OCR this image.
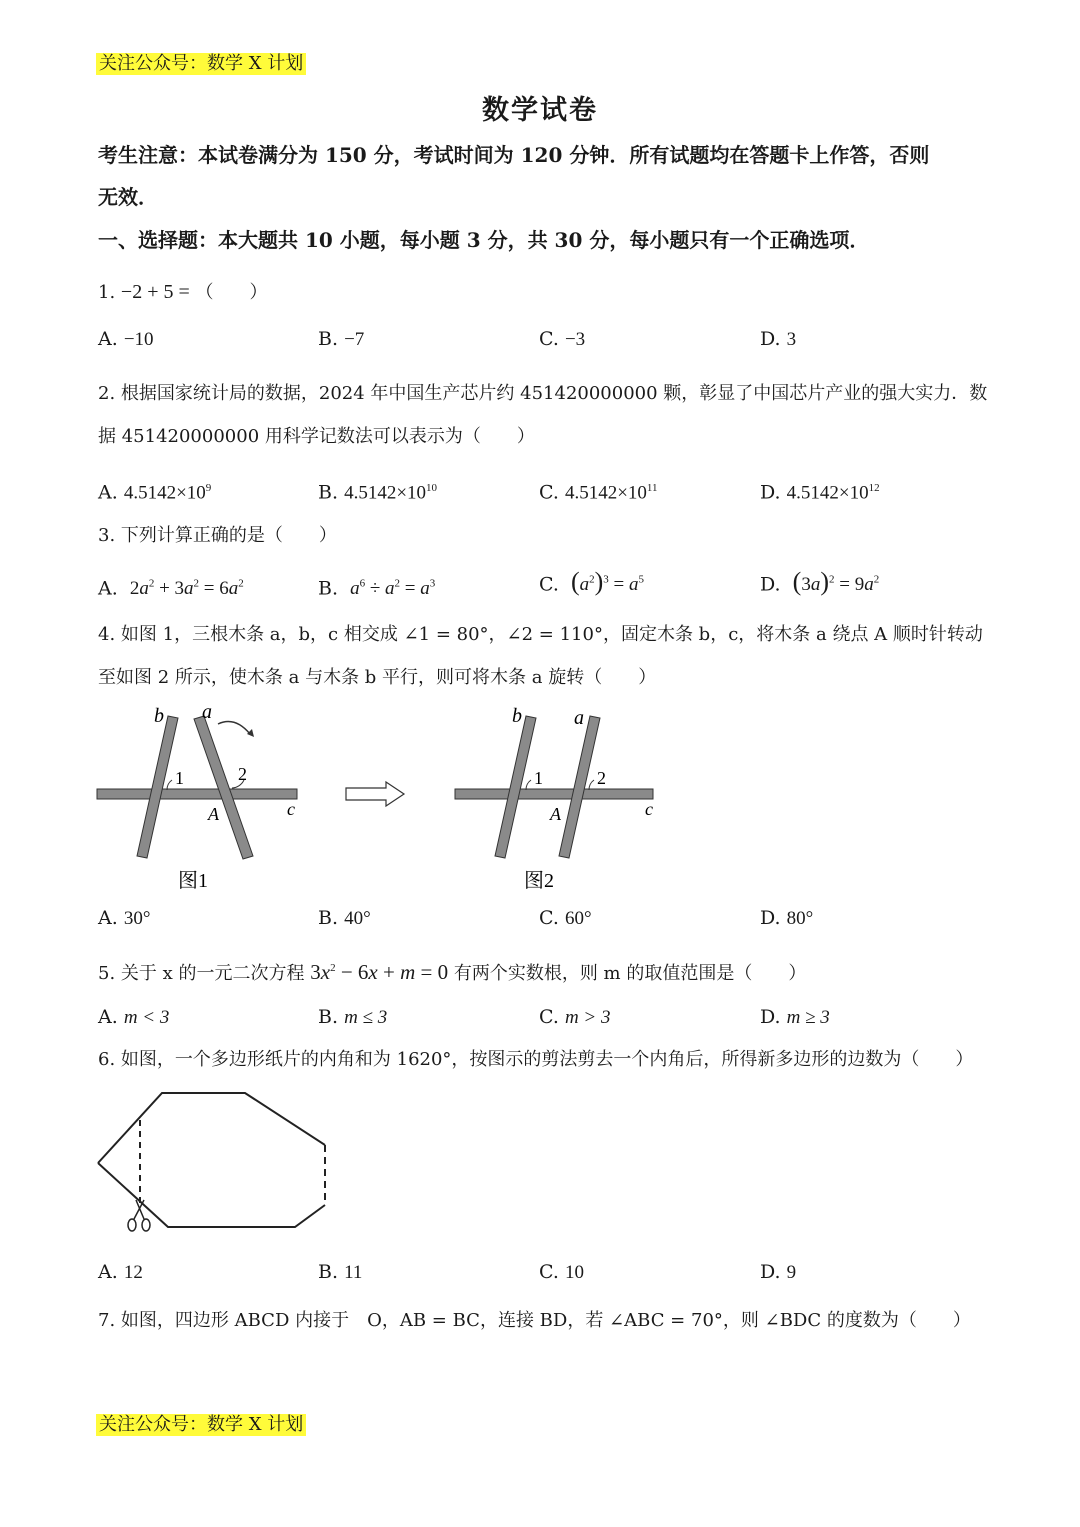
关注公众号：数学 X 计划
数学试卷
考生注意：本试卷满分为 150 分，考试时间为 120 分钟．所有试题均在答题卡上作答，否则
无效．
一、选择题：本大题共 10 小题，每小题 3 分，共 30 分，每小题只有一个正确选项．
1. −2 + 5 = （　　）
A. −10	B. −7	C. −3	D. 3
2. 根据国家统计局的数据，2024 年中国生产芯片约 451420000000 颗，彰显了中国芯片产业的强大实力．数
据 451420000000 用科学记数法可以表示为（　　）
A. $4.5142\times 10^9$	B. $4.5142\times 10^{10}$	C. $4.5142\times 10^{11}$	D. $4.5142\times 10^{12}$
3. 下列计算正确的是（　　）
A. $2a^2 + 3a^2 = 6a^2$	B. $a^6 \div a^2 = a^3$	C. $(a^2)^3 = a^5$	D. $(3a)^2 = 9a^2$
4. 如图 1，三根木条 a，b，c 相交成 ∠1 = 80°，∠2 = 110°，固定木条 b，c，将木条 a 绕点 A 顺时针转动
至如图 2 所示，使木条 a 与木条 b 平行，则可将木条 a 旋转（　　）
b a
1	2
A	c
图1
b	a
1	2
A	c
图2
A. 30°	B. 40°	C. 60°	D. 80°
5. 关于 x 的一元二次方程 $3x^2 - 6x + m = 0$ 有两个实数根，则 m 的取值范围是（　　）
A. m < 3	B. m ≤ 3	C. m > 3	D. m ≥ 3
6. 如图，一个多边形纸片的内角和为 1620°，按图示的剪法剪去一个内角后，所得新多边形的边数为（　　）
A. 12	B. 11	C. 10	D. 9
7. 如图，四边形 ABCD 内接于　O，AB = BC，连接 BD，若 ∠ABC = 70°，则 ∠BDC 的度数为（　　）
关注公众号：数学 X 计划
